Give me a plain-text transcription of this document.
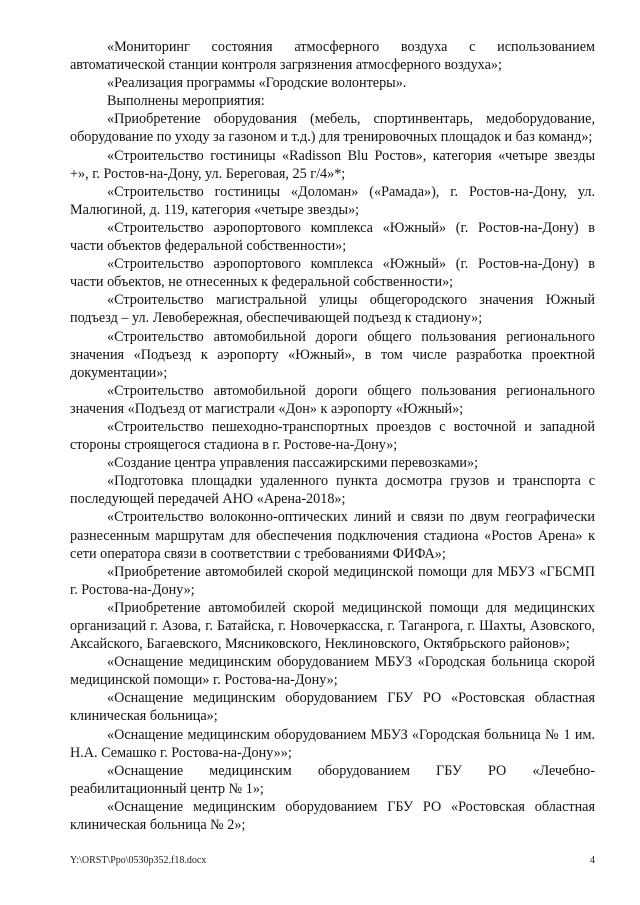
«Мониторинг состояния атмосферного воздуха с использованием автоматической станции контроля загрязнения атмосферного воздуха»;

«Реализация программы «Городские волонтеры».

Выполнены мероприятия:

«Приобретение оборудования (мебель, спортинвентарь, медоборудование, оборудование по уходу за газоном и т.д.) для тренировочных площадок и баз команд»;

«Строительство гостиницы «Radisson Blu Ростов», категория «четыре звезды +», г. Ростов-на-Дону, ул. Береговая, 25 г/4»*;

«Строительство гостиницы «Доломан» («Рамада»), г. Ростов-на-Дону, ул. Малюгиной, д. 119, категория «четыре звезды»;

«Строительство аэропортового комплекса «Южный» (г. Ростов-на-Дону) в части объектов федеральной собственности»;

«Строительство аэропортового комплекса «Южный» (г. Ростов-на-Дону) в части объектов, не отнесенных к федеральной собственности»;

«Строительство магистральной улицы общегородского значения Южный подъезд – ул. Левобережная, обеспечивающей подъезд к стадиону»;

«Строительство автомобильной дороги общего пользования регионального значения «Подъезд к аэропорту «Южный», в том числе разработка проектной документации»;

«Строительство автомобильной дороги общего пользования регионального значения «Подъезд от магистрали «Дон» к аэропорту «Южный»;

«Строительство пешеходно-транспортных проездов с восточной и западной стороны строящегося стадиона в г. Ростове-на-Дону»;

«Создание центра управления пассажирскими перевозками»;

«Подготовка площадки удаленного пункта досмотра грузов и транспорта с последующей передачей АНО «Арена-2018»;

«Строительство волоконно-оптических линий и связи по двум географически разнесенным маршрутам для обеспечения подключения стадиона «Ростов Арена» к сети оператора связи в соответствии с требованиями ФИФА»;

«Приобретение автомобилей скорой медицинской помощи для МБУЗ «ГБСМП г. Ростова-на-Дону»;

«Приобретение автомобилей скорой медицинской помощи для медицинских организаций г. Азова, г. Батайска, г. Новочеркасска, г. Таганрога, г. Шахты, Азовского, Аксайского, Багаевского, Мясниковского, Неклиновского, Октябрьского районов»;

«Оснащение медицинским оборудованием МБУЗ «Городская больница скорой медицинской помощи» г. Ростова-на-Дону»;

«Оснащение медицинским оборудованием ГБУ РО «Ростовская областная клиническая больница»;

«Оснащение медицинским оборудованием МБУЗ «Городская больница № 1 им. Н.А. Семашко г. Ростова-на-Дону»»;

«Оснащение медицинским оборудованием ГБУ РО «Лечебно-реабилитационный центр № 1»;

«Оснащение медицинским оборудованием ГБУ РО «Ростовская областная клиническая больница № 2»;

Y:\ORST\Ppo\0530p352.f18.docx	4
